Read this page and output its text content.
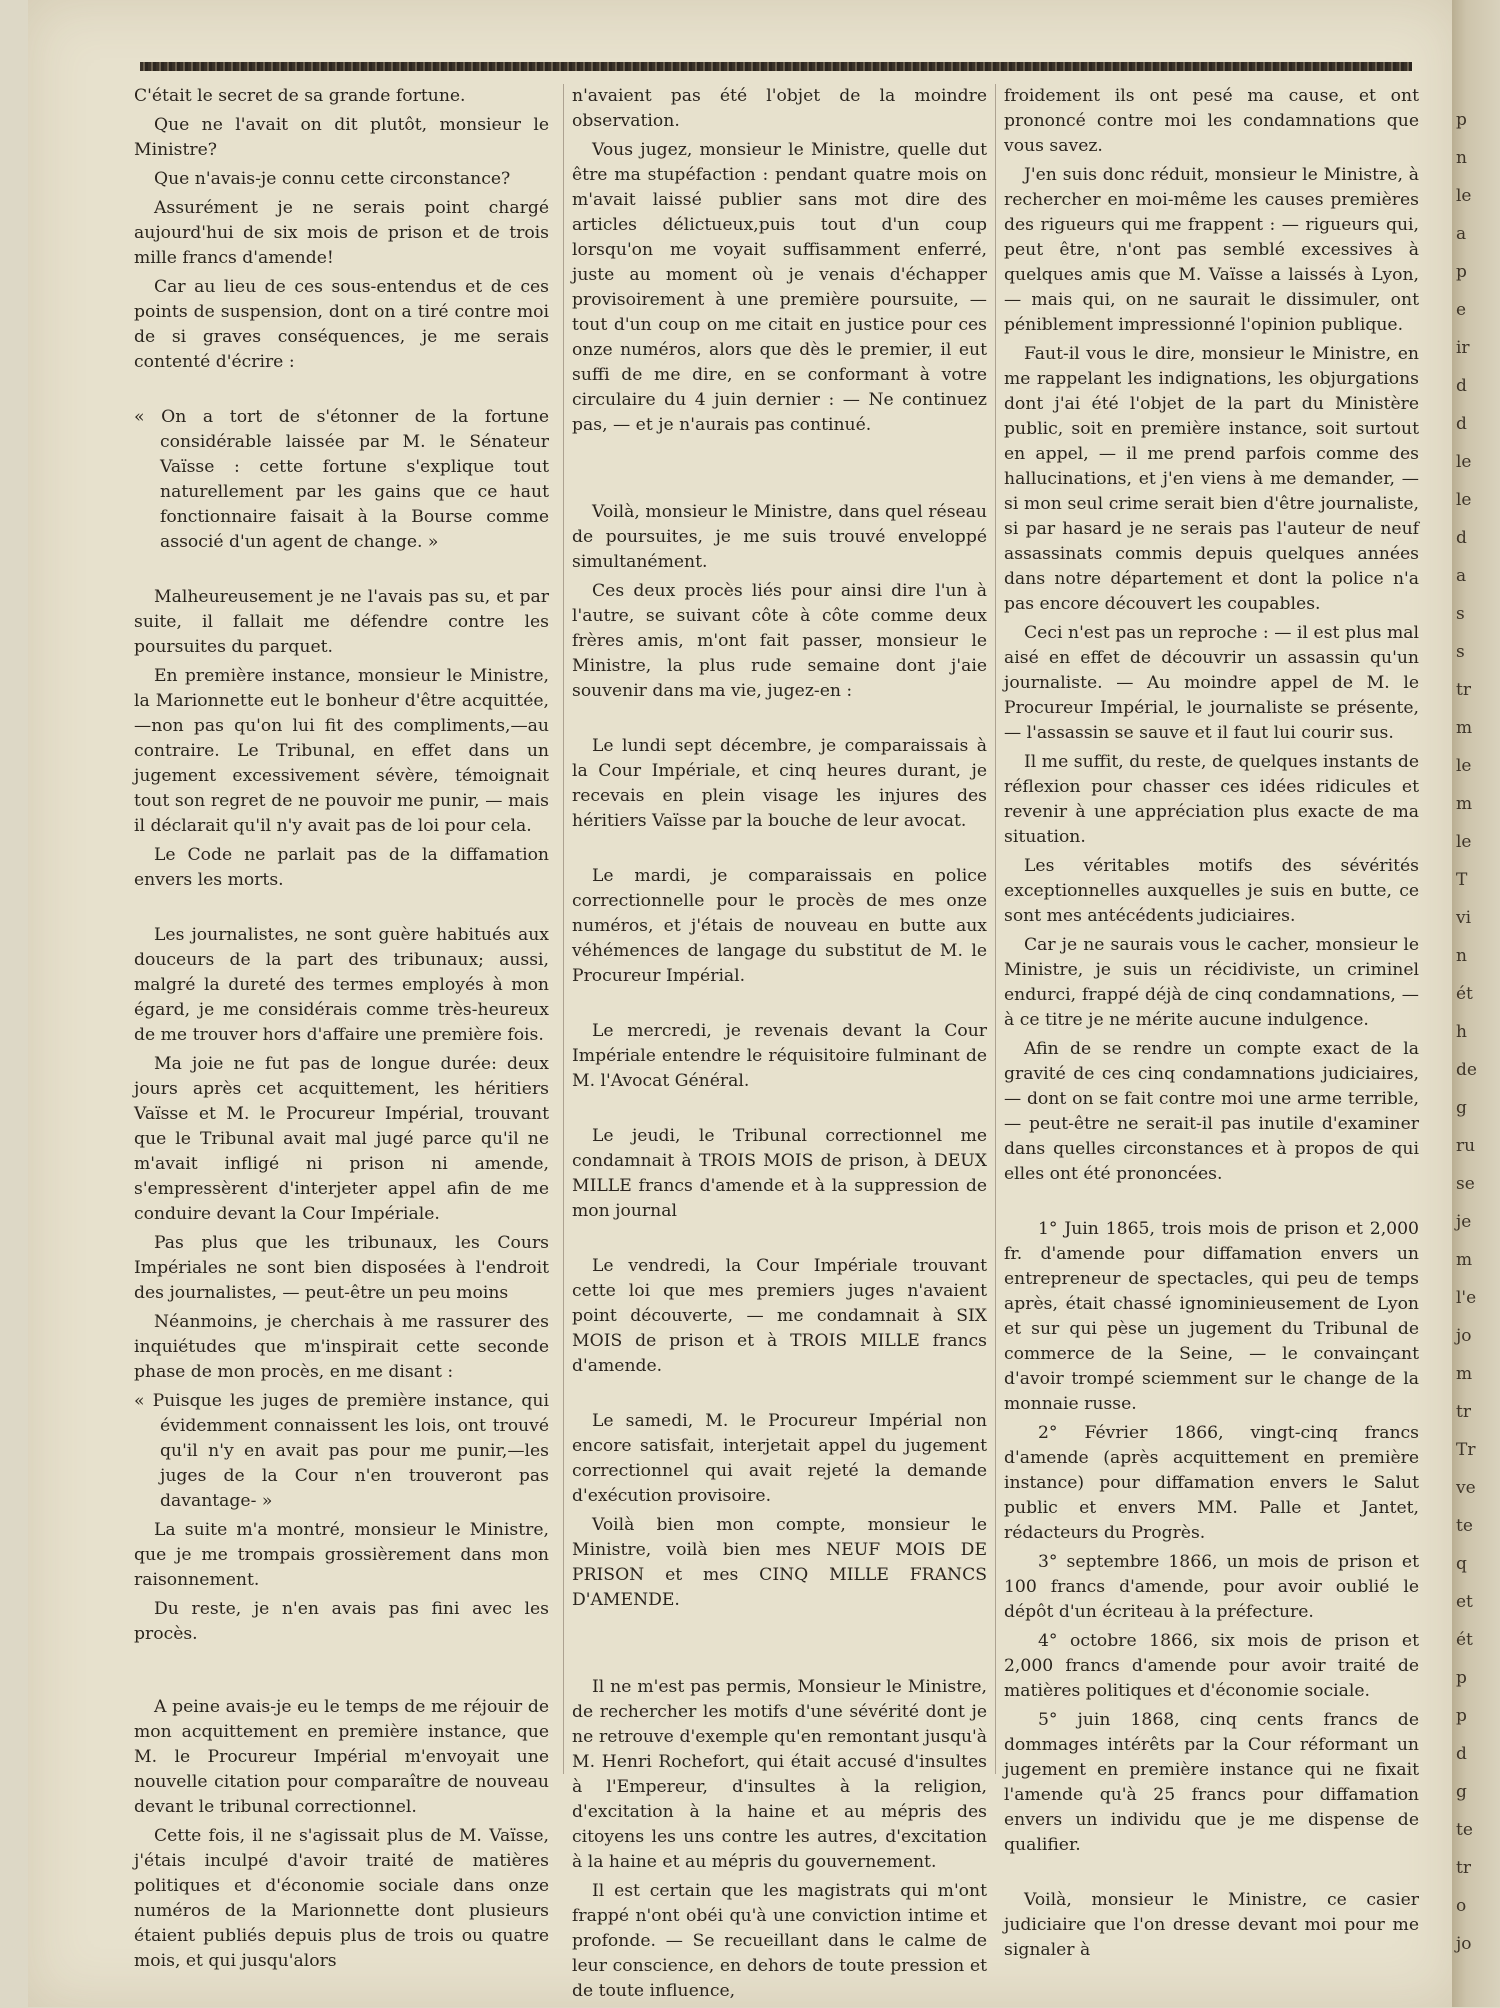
C'était le secret de sa grande fortune.

Que ne l'avait on dit plutôt, monsieur le Ministre?

Que n'avais-je connu cette circonstance?

Assurément je ne serais point chargé aujourd'hui de six mois de prison et de trois mille francs d'amende!

Car au lieu de ces sous-entendus et de ces points de suspension, dont on a tiré contre moi de si graves conséquences, je me serais contenté d'écrire :

« On a tort de s'étonner de la fortune considérable laissée par M. le Sénateur Vaïsse : cette fortune s'explique tout naturellement par les gains que ce haut fonctionnaire faisait à la Bourse comme associé d'un agent de change. »

Malheureusement je ne l'avais pas su, et par suite, il fallait me défendre contre les poursuites du parquet.

En première instance, monsieur le Ministre, la Marionnette eut le bonheur d'être acquittée,—non pas qu'on lui fit des compliments,—au contraire. Le Tribunal, en effet dans un jugement excessivement sévère, témoignait tout son regret de ne pouvoir me punir, — mais il déclarait qu'il n'y avait pas de loi pour cela.

Le Code ne parlait pas de la diffamation envers les morts.

Les journalistes, ne sont guère habitués aux douceurs de la part des tribunaux; aussi, malgré la dureté des termes employés à mon égard, je me considérais comme très-heureux de me trouver hors d'affaire une première fois.

Ma joie ne fut pas de longue durée: deux jours après cet acquittement, les héritiers Vaïsse et M. le Procureur Impérial, trouvant que le Tribunal avait mal jugé parce qu'il ne m'avait infligé ni prison ni amende, s'empressèrent d'interjeter appel afin de me conduire devant la Cour Impériale.

Pas plus que les tribunaux, les Cours Impériales ne sont bien disposées à l'endroit des journalistes, — peut-être un peu moins

Néanmoins, je cherchais à me rassurer des inquiétudes que m'inspirait cette seconde phase de mon procès, en me disant :

« Puisque les juges de première instance, qui évidemment connaissent les lois, ont trouvé qu'il n'y en avait pas pour me punir,—les juges de la Cour n'en trouveront pas davantage- »

La suite m'a montré, monsieur le Ministre, que je me trompais grossièrement dans mon raisonnement.

Du reste, je n'en avais pas fini avec les procès.

A peine avais-je eu le temps de me réjouir de mon acquittement en première instance, que M. le Procureur Impérial m'envoyait une nouvelle citation pour comparaître de nouveau devant le tribunal correctionnel.

Cette fois, il ne s'agissait plus de M. Vaïsse, j'étais inculpé d'avoir traité de matières politiques et d'économie sociale dans onze numéros de la Marionnette dont plusieurs étaient publiés depuis plus de trois ou quatre mois, et qui jusqu'alors

n'avaient pas été l'objet de la moindre observation.

Vous jugez, monsieur le Ministre, quelle dut être ma stupéfaction : pendant quatre mois on m'avait laissé publier sans mot dire des articles délictueux,puis tout d'un coup lorsqu'on me voyait suffisamment enferré, juste au moment où je venais d'échapper provisoirement à une première poursuite, — tout d'un coup on me citait en justice pour ces onze numéros, alors que dès le premier, il eut suffi de me dire, en se conformant à votre circulaire du 4 juin dernier : — Ne continuez pas, — et je n'aurais pas continué.

Voilà, monsieur le Ministre, dans quel réseau de poursuites, je me suis trouvé enveloppé simultanément.

Ces deux procès liés pour ainsi dire l'un à l'autre, se suivant côte à côte comme deux frères amis, m'ont fait passer, monsieur le Ministre, la plus rude semaine dont j'aie souvenir dans ma vie, jugez-en :

Le lundi sept décembre, je comparaissais à la Cour Impériale, et cinq heures durant, je recevais en plein visage les injures des héritiers Vaïsse par la bouche de leur avocat.

Le mardi, je comparaissais en police correctionnelle pour le procès de mes onze numéros, et j'étais de nouveau en butte aux véhémences de langage du substitut de M. le Procureur Impérial.

Le mercredi, je revenais devant la Cour Impériale entendre le réquisitoire fulminant de M. l'Avocat Général.

Le jeudi, le Tribunal correctionnel me condamnait à TROIS MOIS de prison, à DEUX MILLE francs d'amende et à la suppression de mon journal

Le vendredi, la Cour Impériale trouvant cette loi que mes premiers juges n'avaient point découverte, — me condamnait à SIX MOIS de prison et à TROIS MILLE francs d'amende.

Le samedi, M. le Procureur Impérial non encore satisfait, interjetait appel du jugement correctionnel qui avait rejeté la demande d'exécution provisoire.

Voilà bien mon compte, monsieur le Ministre, voilà bien mes NEUF MOIS DE PRISON et mes CINQ MILLE FRANCS D'AMENDE.

Il ne m'est pas permis, Monsieur le Ministre, de rechercher les motifs d'une sévérité dont je ne retrouve d'exemple qu'en remontant jusqu'à M. Henri Rochefort, qui était accusé d'insultes à l'Empereur, d'insultes à la religion, d'excitation à la haine et au mépris des citoyens les uns contre les autres, d'excitation à la haine et au mépris du gouvernement.

Il est certain que les magistrats qui m'ont frappé n'ont obéi qu'à une conviction intime et profonde. — Se recueillant dans le calme de leur conscience, en dehors de toute pression et de toute influence,

froidement ils ont pesé ma cause, et ont prononcé contre moi les condamnations que vous savez.

J'en suis donc réduit, monsieur le Ministre, à rechercher en moi-même les causes premières des rigueurs qui me frappent : — rigueurs qui, peut être, n'ont pas semblé excessives à quelques amis que M. Vaïsse a laissés à Lyon, — mais qui, on ne saurait le dissimuler, ont péniblement impressionné l'opinion publique.

Faut-il vous le dire, monsieur le Ministre, en me rappelant les indignations, les objurgations dont j'ai été l'objet de la part du Ministère public, soit en première instance, soit surtout en appel, — il me prend parfois comme des hallucinations, et j'en viens à me demander, — si mon seul crime serait bien d'être journaliste, si par hasard je ne serais pas l'auteur de neuf assassinats commis depuis quelques années dans notre département et dont la police n'a pas encore découvert les coupables.

Ceci n'est pas un reproche : — il est plus mal aisé en effet de découvrir un assassin qu'un journaliste. — Au moindre appel de M. le Procureur Impérial, le journaliste se présente, — l'assassin se sauve et il faut lui courir sus.

Il me suffit, du reste, de quelques instants de réflexion pour chasser ces idées ridicules et revenir à une appréciation plus exacte de ma situation.

Les véritables motifs des sévérités exceptionnelles auxquelles je suis en butte, ce sont mes antécédents judiciaires.

Car je ne saurais vous le cacher, monsieur le Ministre, je suis un récidiviste, un criminel endurci, frappé déjà de cinq condamnations, — à ce titre je ne mérite aucune indulgence.

Afin de se rendre un compte exact de la gravité de ces cinq condamnations judiciaires, — dont on se fait contre moi une arme terrible, — peut-être ne serait-il pas inutile d'examiner dans quelles circonstances et à propos de qui elles ont été prononcées.

1° Juin 1865, trois mois de prison et 2,000 fr. d'amende pour diffamation envers un entrepreneur de spectacles, qui peu de temps après, était chassé ignominieusement de Lyon et sur qui pèse un jugement du Tribunal de commerce de la Seine, — le convainçant d'avoir trompé sciemment sur le change de la monnaie russe.

2° Février 1866, vingt-cinq francs d'amende (après acquittement en première instance) pour diffamation envers le Salut public et envers MM. Palle et Jantet, rédacteurs du Progrès.

3° septembre 1866, un mois de prison et 100 francs d'amende, pour avoir oublié le dépôt d'un écriteau à la préfecture.

4° octobre 1866, six mois de prison et 2,000 francs d'amende pour avoir traité de matières politiques et d'économie sociale.

5° juin 1868, cinq cents francs de dommages intérêts par la Cour réformant un jugement en première instance qui ne fixait l'amende qu'à 25 francs pour diffamation envers un individu que je me dispense de qualifier.

Voilà, monsieur le Ministre, ce casier judiciaire que l'on dresse devant moi pour me signaler à

p
n
le
a
p
e
ir
d
d
le
le
d
a
s
s
tr
m
le
m
le
T
vi
n
ét
h
de
g
ru
se
je
m
l'e
jo
m
tr
Tr
ve
te
q
et
ét
p
p
d
g
te
tr
o
jo
